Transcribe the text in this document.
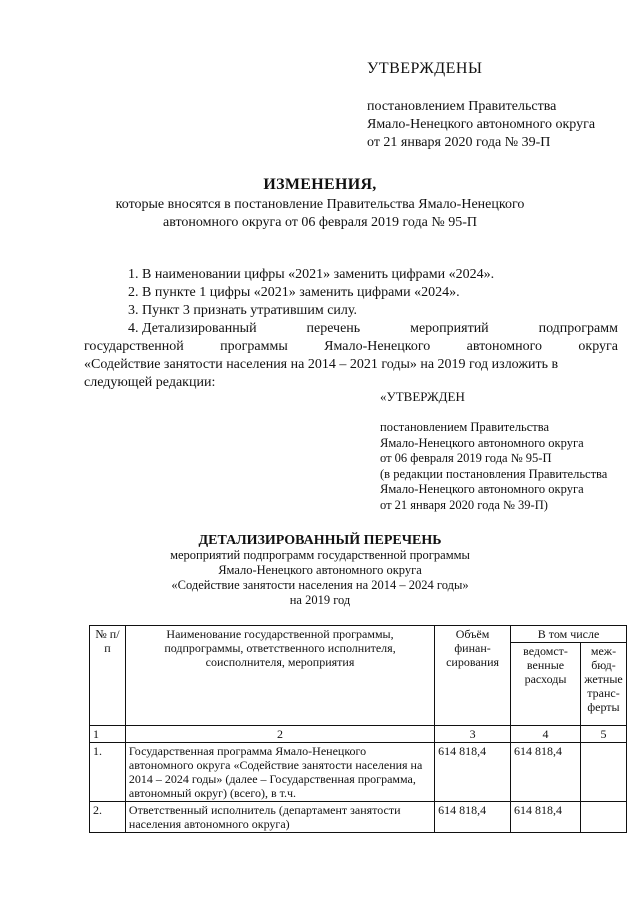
УТВЕРЖДЕНЫ
постановлением Правительства
Ямало-Ненецкого автономного округа
от 21 января 2020 года № 39-П
ИЗМЕНЕНИЯ,
которые вносятся в постановление Правительства Ямало-Ненецкого
автономного округа от 06 февраля 2019 года № 95-П
1. В наименовании цифры «2021» заменить цифрами «2024».
2. В пункте 1 цифры «2021» заменить цифрами «2024».
3. Пункт 3 признать утратившим силу.
4. Детализированный	перечень	мероприятий	подпрограмм
государственной	программы	Ямало-Ненецкого	автономного	округа
«Содействие занятости населения на 2014 – 2021 годы» на 2019 год изложить в
следующей редакции:
«УТВЕРЖДЕН
постановлением Правительства
Ямало-Ненецкого автономного округа
от 06 февраля 2019 года № 95-П
(в редакции постановления Правительства
Ямало-Ненецкого автономного округа
от 21 января 2020 года № 39-П)
ДЕТАЛИЗИРОВАННЫЙ ПЕРЕЧЕНЬ
мероприятий подпрограмм государственной программы
Ямало-Ненецкого автономного округа
«Содействие занятости населения на 2014 – 2024 годы»
на 2019 год
№ п/п	Наименование государственной программы, подпрограммы, ответственного исполнителя, соисполнителя, мероприятия	Объём финан- сирования	В том числе	
			ведомст- венные расходы	меж- бюд- жетные транс- ферты
1	2	3	4	5
1.	Государственная программа Ямало-Ненецкого автономного округа «Содействие занятости населения на 2014 – 2024 годы» (далее – Государственная программа, автономный округ) (всего), в т.ч.	614 818,4	614 818,4	
2.	Ответственный исполнитель (департамент занятости населения автономного округа)	614 818,4	614 818,4	
